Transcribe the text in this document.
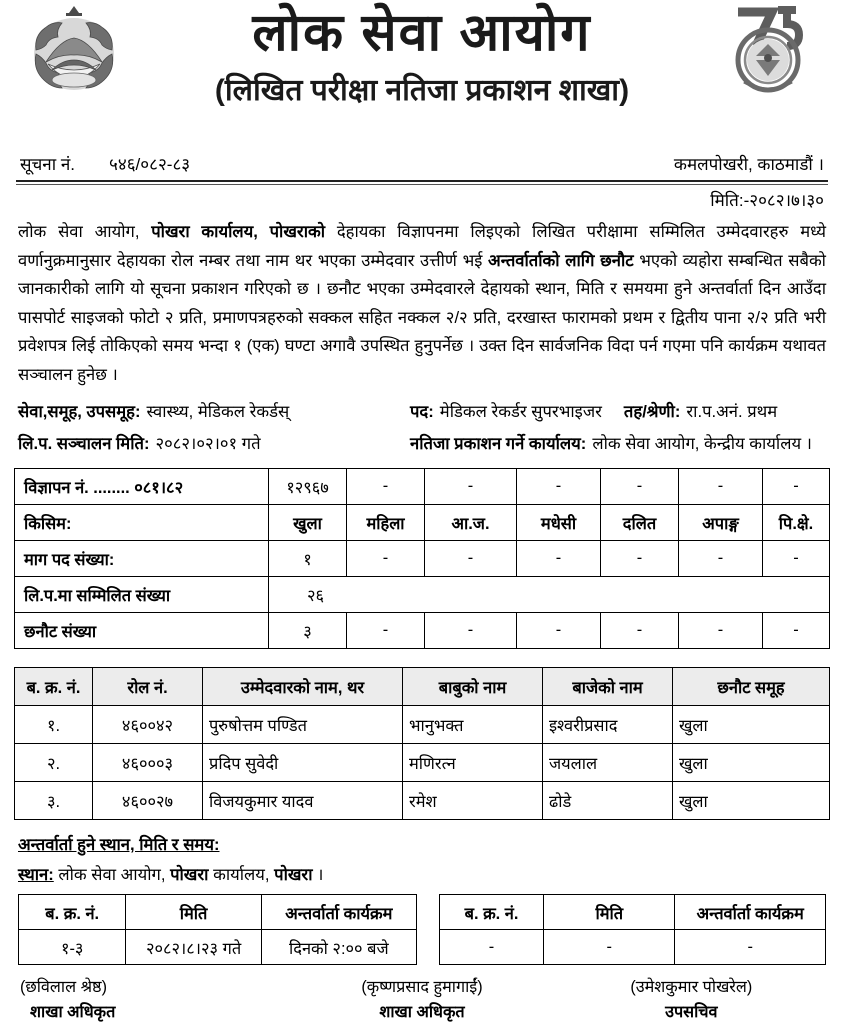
लोक सेवा आयोग
(लिखित परीक्षा नतिजा प्रकाशन शाखा)
सूचना नं. ५४६/०८२-८३	कमलपोखरी, काठमाडौं ।
मिति:-२०८२।७।३०
लोक सेवा आयोग, पोखरा कार्यालय, पोखराको देहायका विज्ञापनमा लिइएको लिखित परीक्षामा सम्मिलित उम्मेदवारहरु मध्ये वर्णानुक्रमानुसार देहायका रोल नम्बर तथा नाम थर भएका उम्मेदवार उत्तीर्ण भई अन्तर्वार्ताको लागि छनौट भएको व्यहोरा सम्बन्धित सबैको जानकारीको लागि यो सूचना प्रकाशन गरिएको छ । छनौट भएका उम्मेदवारले देहायको स्थान, मिति र समयमा हुने अन्तर्वार्ता दिन आउँदा पासपोर्ट साइजको फोटो २ प्रति, प्रमाणपत्रहरुको सक्कल सहित नक्कल २/२ प्रति, दरखास्त फारामको प्रथम र द्वितीय पाना २/२ प्रति भरी प्रवेशपत्र लिई तोकिएको समय भन्दा १ (एक) घण्टा अगावै उपस्थित हुनुपर्नेछ । उक्त दिन सार्वजनिक विदा पर्न गएमा पनि कार्यक्रम यथावत सञ्चालन हुनेछ ।
सेवा,समूह, उपसमूह: स्वास्थ्य, मेडिकल रेकर्डस्	पद: मेडिकल रेकर्डर सुपरभाइजर तह/श्रेणी: रा.प.अनं. प्रथम
लि.प. सञ्चालन मिति: २०८२।०२।०१ गते	नतिजा प्रकाशन गर्ने कार्यालय: लोक सेवा आयोग, केन्द्रीय कार्यालय ।
विज्ञापन नं. ........ ०८१।८२	१२९६७	-	-	-	-	-	-
किसिम:	खुला	महिला	आ.ज.	मधेसी	दलित	अपाङ्ग	पि.क्षे.
माग पद संख्या:	१	-	-	-	-	-	-
लि.प.मा सम्मिलित संख्या	२६						
छनौट संख्या	३	-	-	-	-	-	-
ब. क्र. नं.	रोल नं.	उम्मेदवारको नाम, थर	बाबुको नाम	बाजेको नाम	छनौट समूह
१.	४६००४२	पुरुषोत्तम पण्डित	भानुभक्त	इश्वरीप्रसाद	खुला
२.	४६०००३	प्रदिप सुवेदी	मणिरत्न	जयलाल	खुला
३.	४६००२७	विजयकुमार यादव	रमेश	ढोडे	खुला
अन्तर्वार्ता हुने स्थान, मिति र समय:
स्थान: लोक सेवा आयोग, पोखरा कार्यालय, पोखरा ।
ब. क्र. नं.	मिति	अन्तर्वार्ता कार्यक्रम
१-३	२०८२।८।२३ गते	दिनको २:०० बजे
ब. क्र. नं.	मिति	अन्तर्वार्ता कार्यक्रम
-	-	-
(छविलाल श्रेष्ठ)
शाखा अधिकृत
(कृष्णप्रसाद हुमागाईं)
शाखा अधिकृत
(उमेशकुमार पोखरेल)
उपसचिव
